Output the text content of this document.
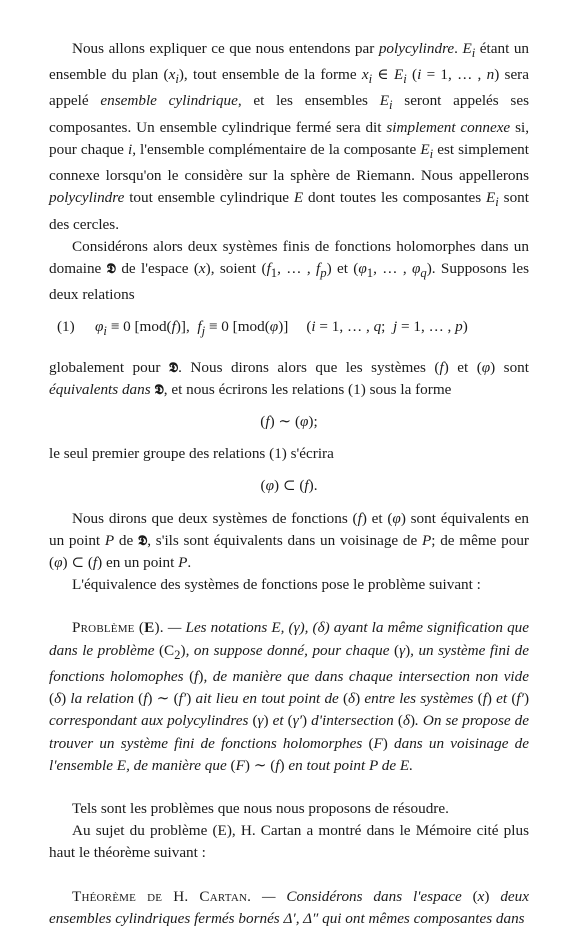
Nous allons expliquer ce que nous entendons par polycylindre. $E_i$ étant un ensemble du plan $(x_i)$, tout ensemble de la forme $x_i$ ∈ $E_i$ (i = 1, … , n) sera appelé ensemble cylindrique, et les ensembles $E_i$ seront appelés ses composantes. Un ensemble cylindrique fermé sera dit simplement connexe si, pour chaque i, l'ensemble complémentaire de la composante $E_i$ est simplement connexe lorsqu'on le considère sur la sphère de Riemann. Nous appellerons polycylindre tout ensemble cylindrique E dont toutes les composantes $E_i$ sont des cercles.

Considérons alors deux systèmes finis de fonctions holomorphes dans un domaine 𝕯 de l'espace (x), soient ($f_1$, … , $f_p$) et ($\varphi_1$, … , $\varphi_q$). Supposons les deux relations

(1)	$\varphi_i \equiv 0$ [mod(f)],  $f_j \equiv 0$ [mod(φ)] (i = 1, … , q;  j = 1, … , p)

globalement pour 𝕯. Nous dirons alors que les systèmes (f) et (φ) sont équivalents dans 𝕯, et nous écrirons les relations (1) sous la forme

(f) ∼ (φ);

le seul premier groupe des relations (1) s'écrira

(φ) ⊂ (f).

Nous dirons que deux systèmes de fonctions (f) et (φ) sont équivalents en un point P de 𝕯, s'ils sont équivalents dans un voisinage de P; de même pour (φ) ⊂ (f) en un point P.

L'équivalence des systèmes de fonctions pose le problème suivant :

Problème (E). — Les notations E, (γ), (δ) ayant la même signification que dans le problème $(C_2)$, on suppose donné, pour chaque (γ), un système fini de fonctions holomophes (f), de manière que dans chaque intersection non vide (δ) la relation (f) ∼ (f′) ait lieu en tout point de (δ) entre les systèmes (f) et (f′) correspondant aux polycylindres (γ) et (γ′) d'intersection (δ). On se propose de trouver un système fini de fonctions holomorphes (F) dans un voisinage de l'ensemble E, de manière que (F) ∼ (f) en tout point P de E.

Tels sont les problèmes que nous nous proposons de résoudre.

Au sujet du problème (E), H. Cartan a montré dans le Mémoire cité plus haut le théorème suivant :

Théorème de H. Cartan. — Considérons dans l'espace (x) deux ensembles cylindriques fermés bornés Δ′, Δ″ qui ont mêmes composantes dans
